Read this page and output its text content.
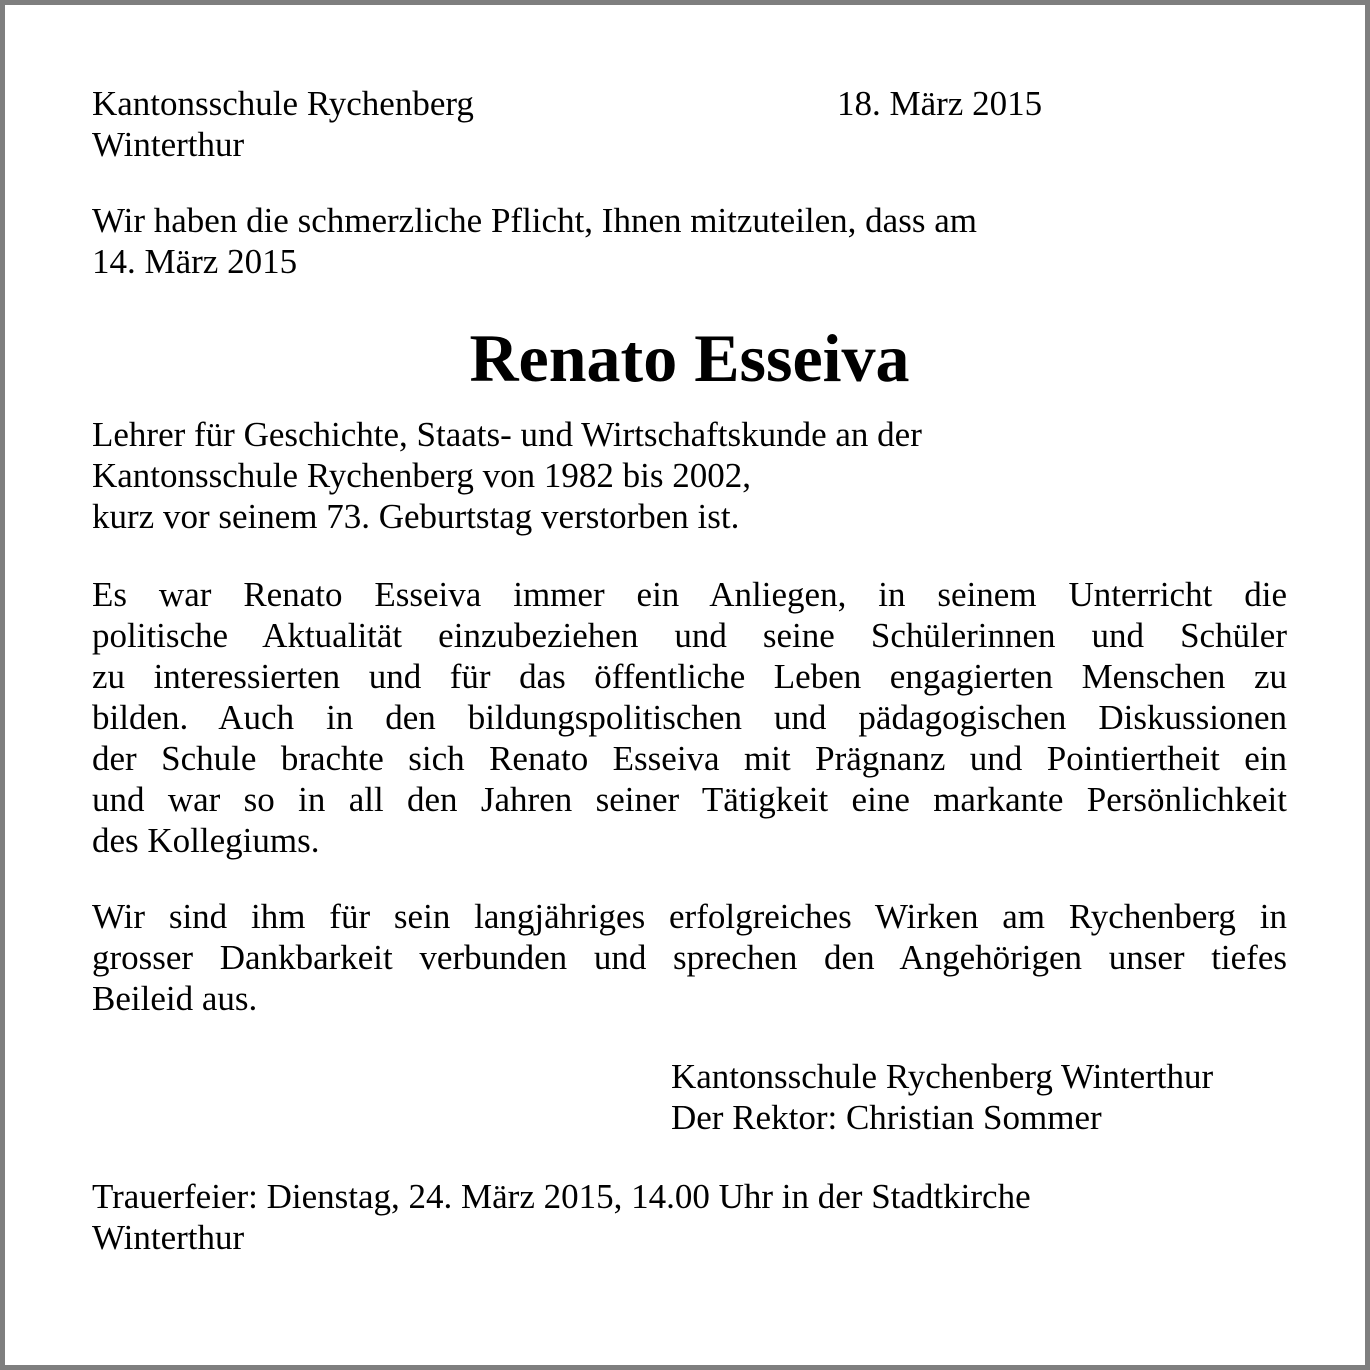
Kantonsschule Rychenberg
Winterthur
18. März 2015
Wir haben die schmerzliche Pflicht, Ihnen mitzuteilen, dass am
14. März 2015
Renato Esseiva
Lehrer für Geschichte, Staats- und Wirtschaftskunde an der
Kantonsschule Rychenberg von 1982 bis 2002,
kurz vor seinem 73. Geburtstag verstorben ist.
Es war Renato Esseiva immer ein Anliegen, in seinem Unterricht die
politische Aktualität einzubeziehen und seine Schülerinnen und Schüler
zu interessierten und für das öffentliche Leben engagierten Menschen zu
bilden. Auch in den bildungspolitischen und pädagogischen Diskussionen
der Schule brachte sich Renato Esseiva mit Prägnanz und Pointiertheit ein
und war so in all den Jahren seiner Tätigkeit eine markante Persönlichkeit
des Kollegiums.
Wir sind ihm für sein langjähriges erfolgreiches Wirken am Rychenberg in
grosser Dankbarkeit verbunden und sprechen den Angehörigen unser tiefes
Beileid aus.
Kantonsschule Rychenberg Winterthur
Der Rektor: Christian Sommer
Trauerfeier: Dienstag, 24. März 2015, 14.00 Uhr in der Stadtkirche
Winterthur
